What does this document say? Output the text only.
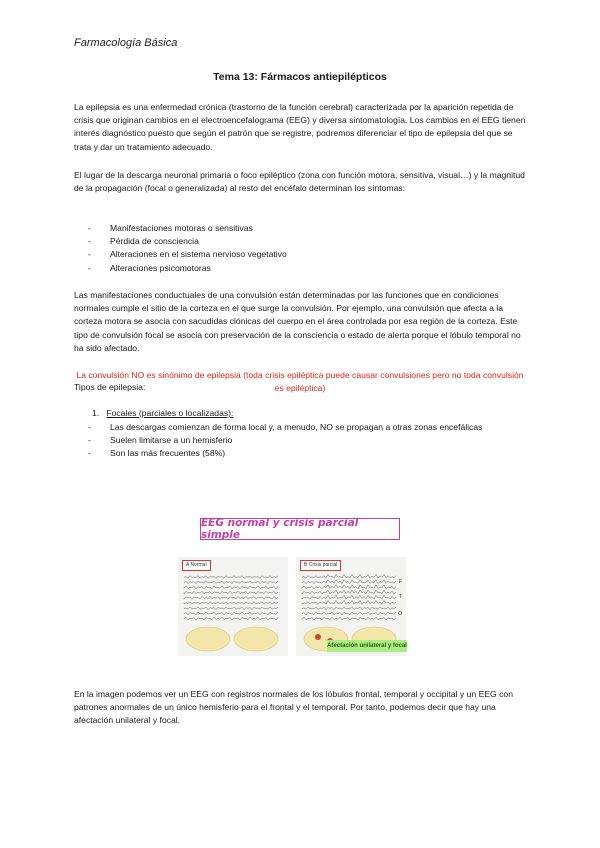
Farmacología Básica
Tema 13: Fármacos antiepilépticos

La epilepsia es una enfermedad crónica (trastorno de la función cerebral) caracterizada por la aparición repetida de crisis que originan cambios en el electroencefalograma (EEG) y diversa sintomatología. Los cambios en el EEG tienen interés diagnóstico puesto que según el patrón que se registre, podremos diferenciar el tipo de epilepsia del que se trata y dar un tratamiento adecuado.

El lugar de la descarga neuronal primaria o foco epiléptico (zona con función motora, sensitiva, visual…) y la magnitud de la propagación (focal o generalizada) al resto del encéfalo determinan los síntomas:

- Manifestaciones motoras o sensitivas
- Pérdida de consciencia
- Alteraciones en el sistema nervioso vegetativo
- Alteraciones psicomotoras

Las manifestaciones conductuales de una convulsión están determinadas por las funciones que en condiciones normales cumple el sitio de la corteza en el que surge la convulsión. Por ejemplo, una convulsión que afecta a la corteza motora se asocia con sacudidas clónicas del cuerpo en el área controlada por esa región de la corteza. Este tipo de convulsión focal se asocia con preservación de la consciencia o estado de alerta porque el lóbulo temporal no ha sido afectado.

La convulsión NO es sinónimo de epilepsia (toda crisis epiléptica puede causar convulsiones pero no toda convulsión es epiléptica)

Tipos de epilepsia:

1. Focales (parciales o localizadas):
- Las descargas comienzan de forma local y, a menudo, NO se propagan a otras zonas encefálicas
- Suelen limitarse a un hemisferio
- Son las más frecuentes (58%)
EEG normal y crisis parcial simple
A Normal	B Crisis parcial
F
T
O
Afectación unilateral y focal

En la imagen podemos ver un EEG con registros normales de los lóbulos frontal, temporal y occipital y un EEG con patrones anormales de un único hemisferio para el frontal y el temporal. Por tanto, podemos decir que hay una afectación unilateral y focal.
